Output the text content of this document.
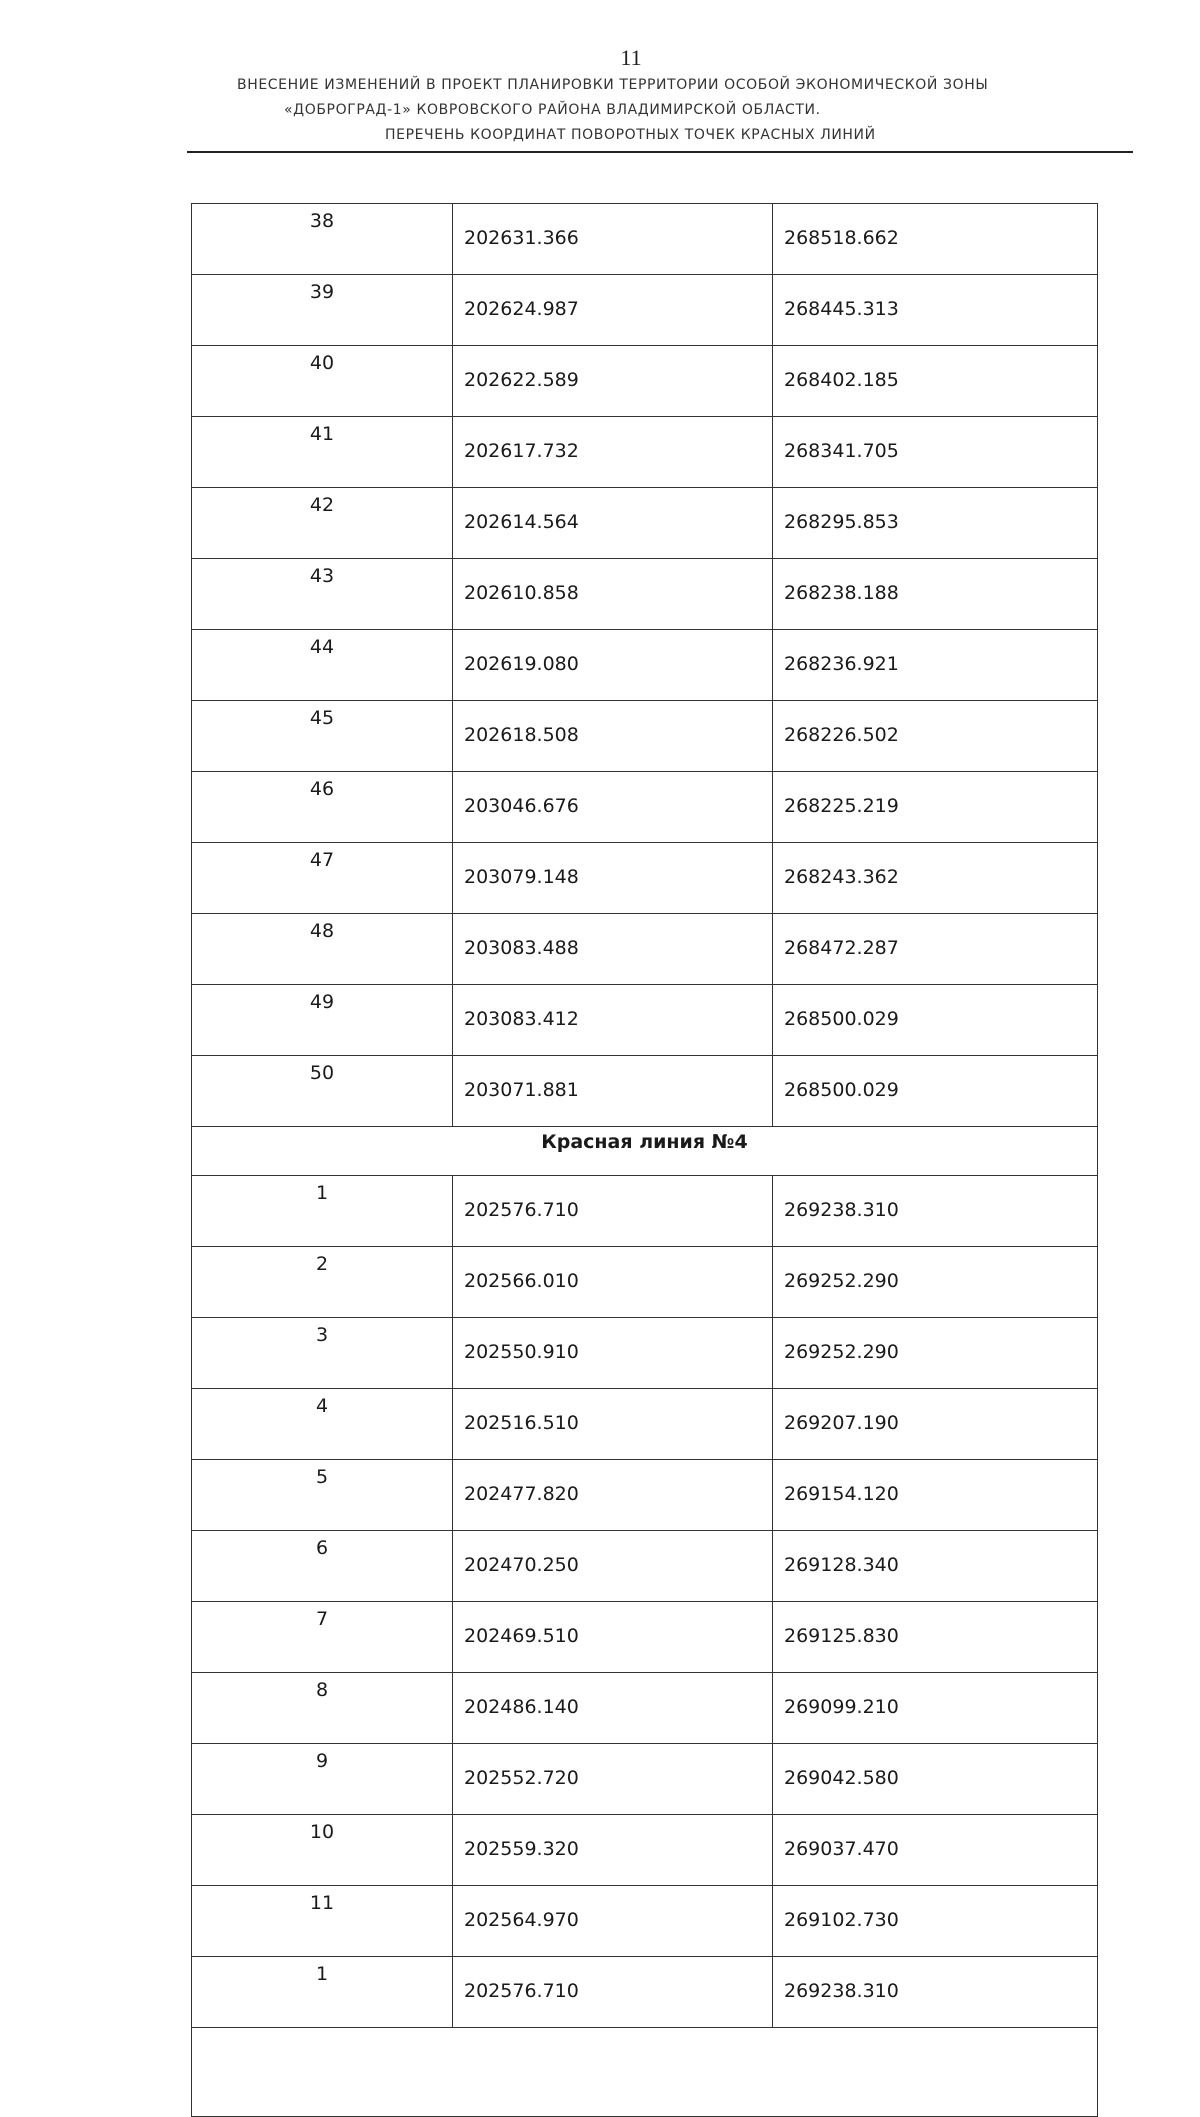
11
ВНЕСЕНИЕ ИЗМЕНЕНИЙ В ПРОЕКТ ПЛАНИРОВКИ ТЕРРИТОРИИ ОСОБОЙ ЭКОНОМИЧЕСКОЙ ЗОНЫ
«ДОБРОГРАД-1» КОВРОВСКОГО РАЙОНА ВЛАДИМИРСКОЙ ОБЛАСТИ.
ПЕРЕЧЕНЬ КООРДИНАТ ПОВОРОТНЫХ ТОЧЕК КРАСНЫХ ЛИНИЙ
38	202631.366	268518.662
39	202624.987	268445.313
40	202622.589	268402.185
41	202617.732	268341.705
42	202614.564	268295.853
43	202610.858	268238.188
44	202619.080	268236.921
45	202618.508	268226.502
46	203046.676	268225.219
47	203079.148	268243.362
48	203083.488	268472.287
49	203083.412	268500.029
50	203071.881	268500.029
Красная линия №4		
1	202576.710	269238.310
2	202566.010	269252.290
3	202550.910	269252.290
4	202516.510	269207.190
5	202477.820	269154.120
6	202470.250	269128.340
7	202469.510	269125.830
8	202486.140	269099.210
9	202552.720	269042.580
10	202559.320	269037.470
11	202564.970	269102.730
1	202576.710	269238.310
